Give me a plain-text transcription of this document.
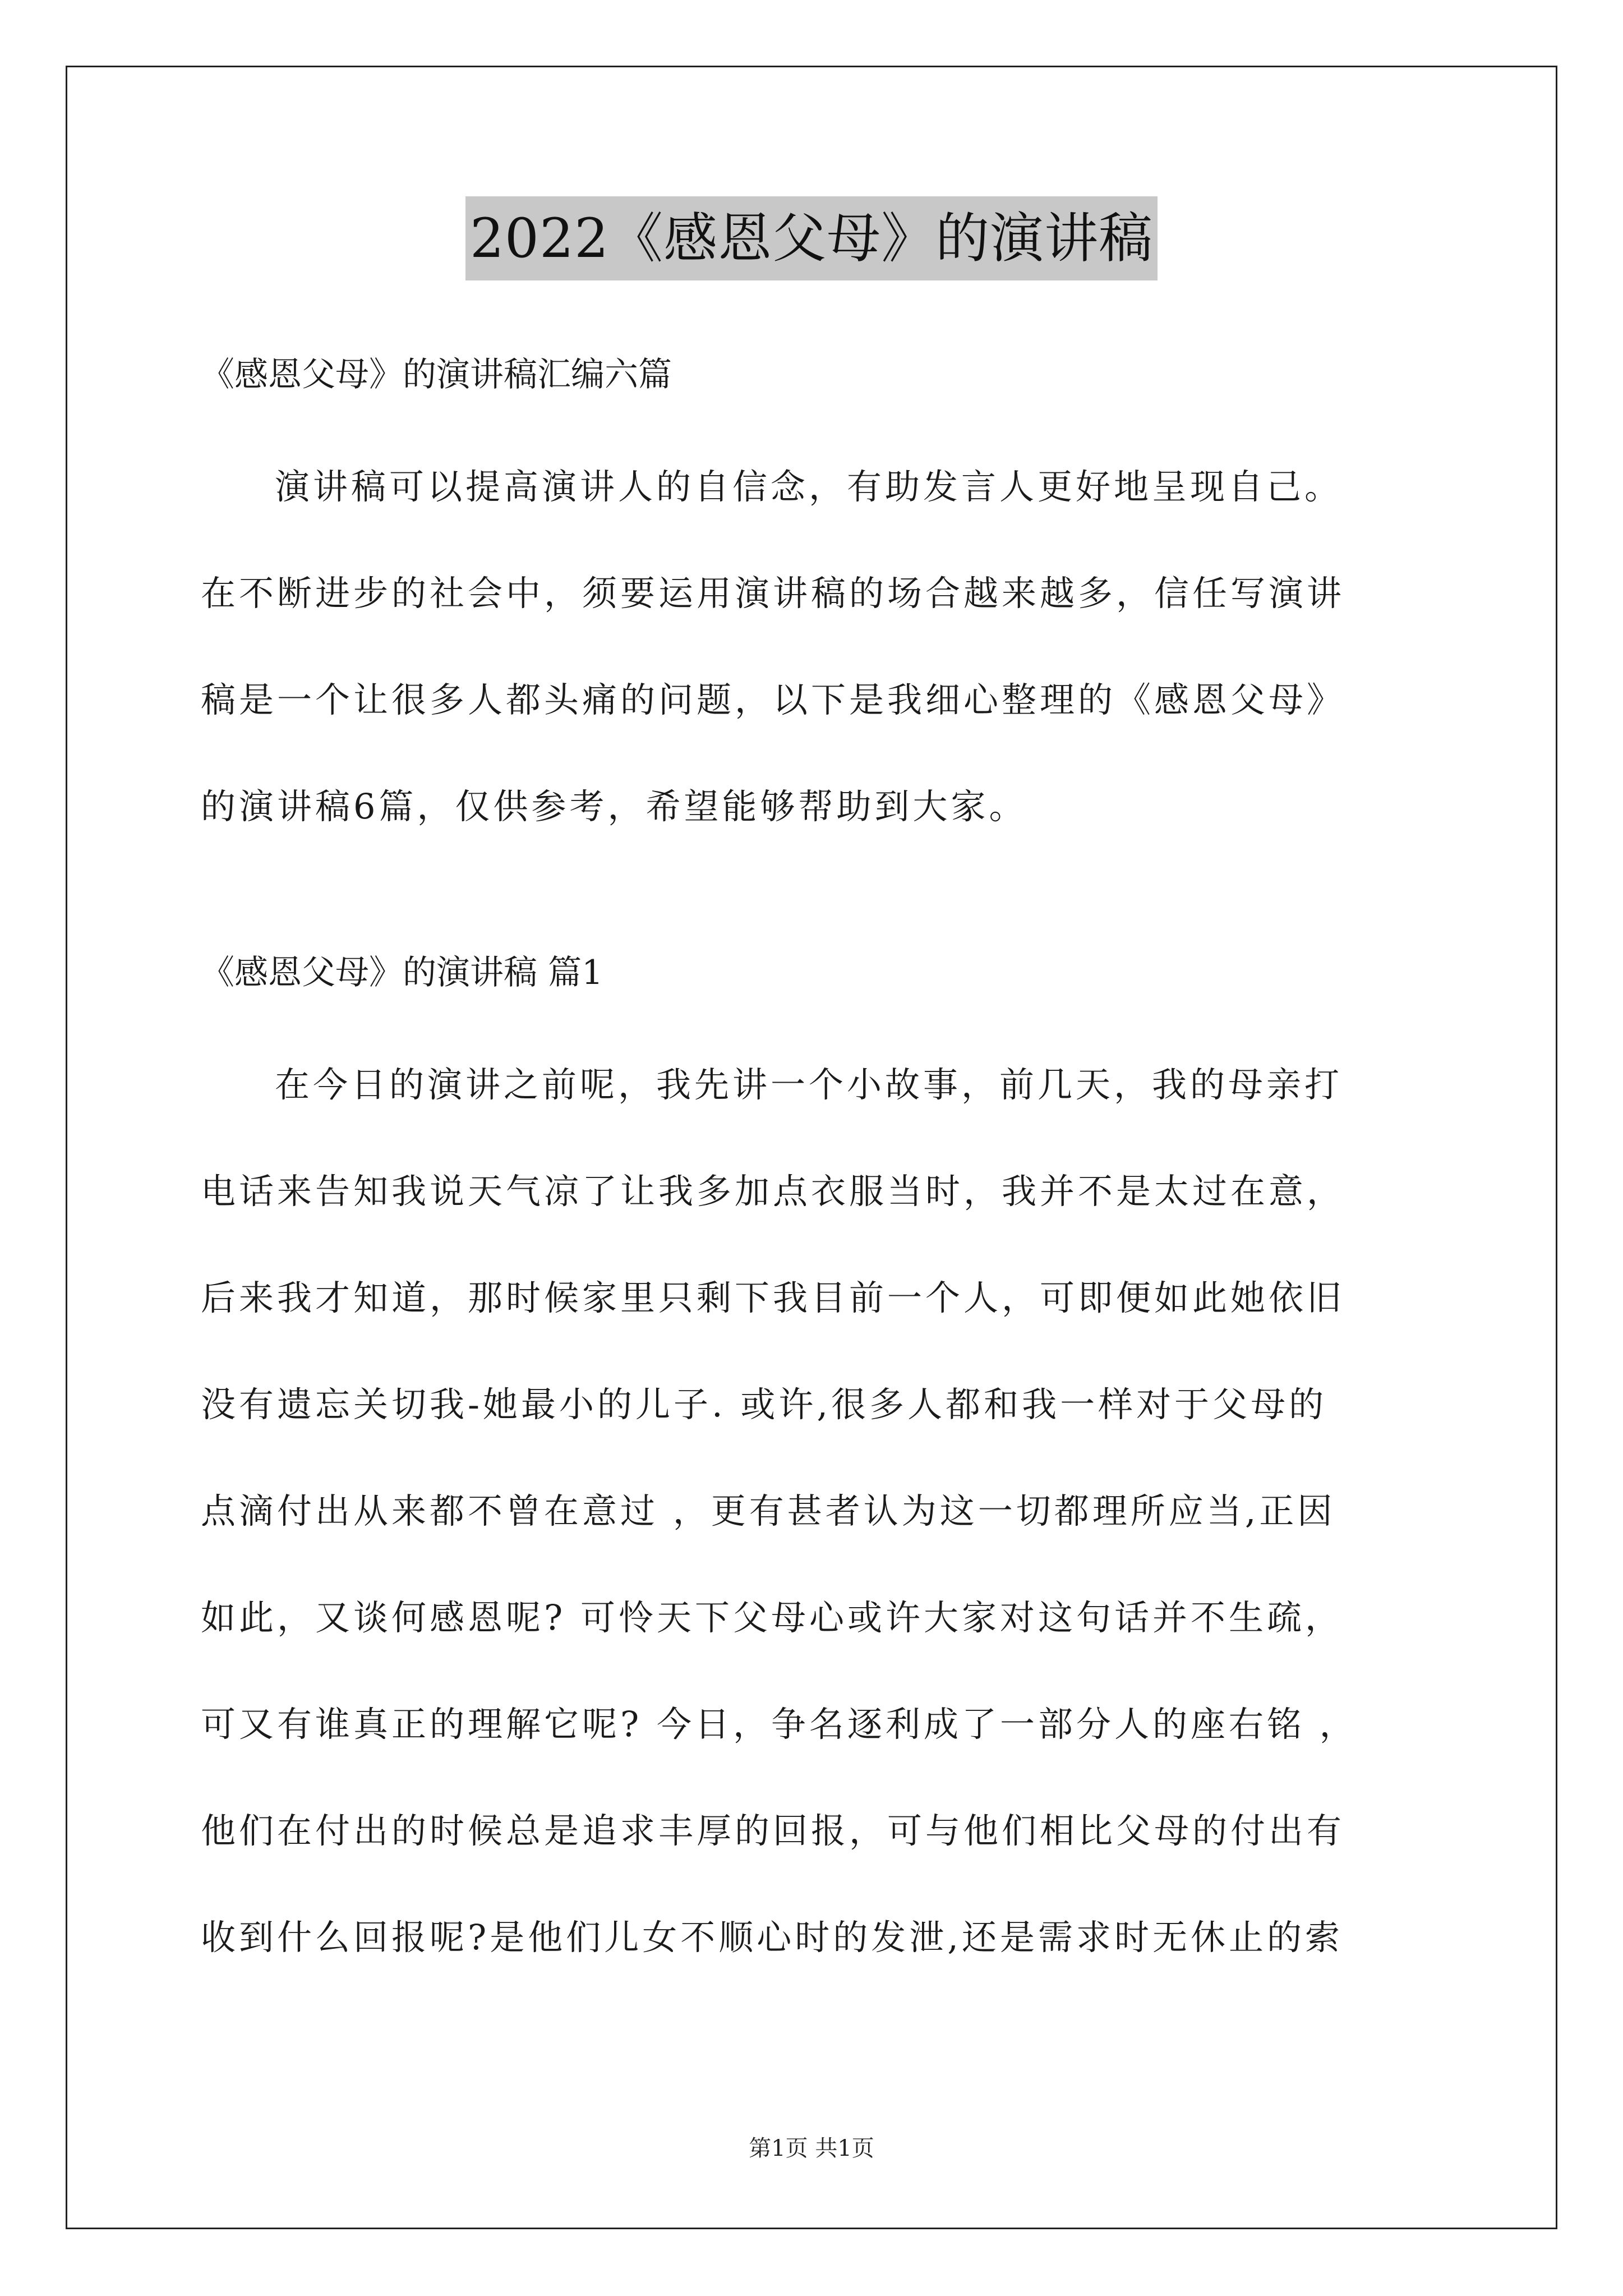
2022《感恩父母》的演讲稿
《感恩父母》的演讲稿汇编六篇
演讲稿可以提高演讲人的自信念，有助发言人更好地呈现自己。
在不断进步的社会中，须要运用演讲稿的场合越来越多，信任写演讲
稿是一个让很多人都头痛的问题，以下是我细心整理的《感恩父母》
的演讲稿6篇，仅供参考，希望能够帮助到大家。
《感恩父母》的演讲稿 篇1
在今日的演讲之前呢，我先讲一个小故事，前几天，我的母亲打
电话来告知我说天气凉了让我多加点衣服当时，我并不是太过在意，
后来我才知道，那时候家里只剩下我目前一个人，可即便如此她依旧
没有遗忘关切我-她最小的儿子. 或许,很多人都和我一样对于父母的
点滴付出从来都不曾在意过 ，更有甚者认为这一切都理所应当,正因
如此，又谈何感恩呢? 可怜天下父母心或许大家对这句话并不生疏，
可又有谁真正的理解它呢? 今日，争名逐利成了一部分人的座右铭 ，
他们在付出的时候总是追求丰厚的回报，可与他们相比父母的付出有
收到什么回报呢?是他们儿女不顺心时的发泄,还是需求时无休止的索
第1页 共1页
